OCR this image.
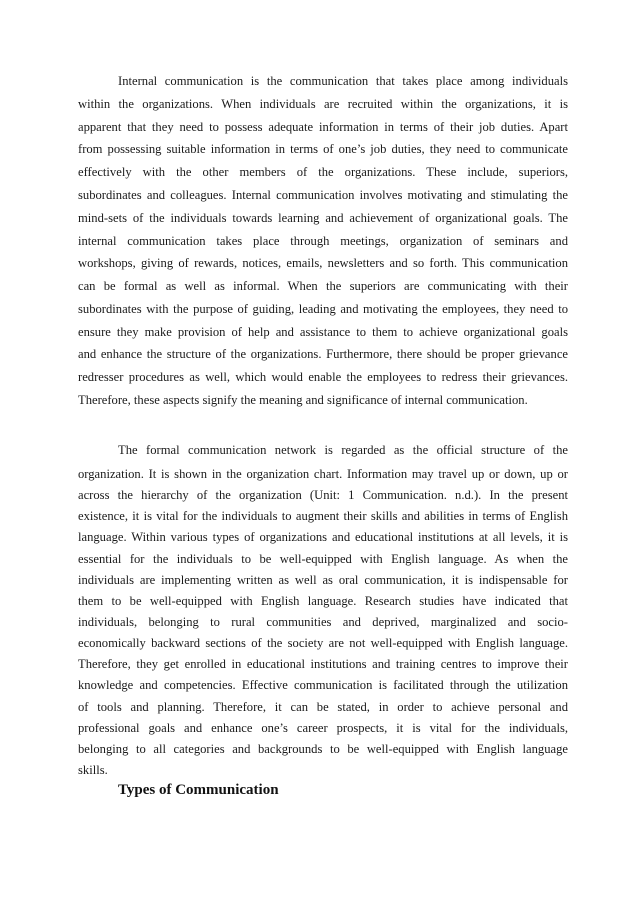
Internal communication is the communication that takes place among individuals
within the organizations. When individuals are recruited within the organizations, it is
apparent that they need to possess adequate information in terms of their job duties. Apart
from possessing suitable information in terms of one’s job duties, they need to communicate
effectively with the other members of the organizations. These include, superiors,
subordinates and colleagues. Internal communication involves motivating and stimulating the
mind-sets of the individuals towards learning and achievement of organizational goals. The
internal communication takes place through meetings, organization of seminars and
workshops, giving of rewards, notices, emails, newsletters and so forth. This communication
can be formal as well as informal. When the superiors are communicating with their
subordinates with the purpose of guiding, leading and motivating the employees, they need to
ensure they make provision of help and assistance to them to achieve organizational goals
and enhance the structure of the organizations. Furthermore, there should be proper grievance
redresser procedures as well, which would enable the employees to redress their grievances.
Therefore, these aspects signify the meaning and significance of internal communication.
The formal communication network is regarded as the official structure of the
organization. It is shown in the organization chart. Information may travel up or down, up or
across the hierarchy of the organization (Unit: 1 Communication. n.d.). In the present
existence, it is vital for the individuals to augment their skills and abilities in terms of English
language. Within various types of organizations and educational institutions at all levels, it is
essential for the individuals to be well-equipped with English language. As when the
individuals are implementing written as well as oral communication, it is indispensable for
them to be well-equipped with English language. Research studies have indicated that
individuals, belonging to rural communities and deprived, marginalized and socio-
economically backward sections of the society are not well-equipped with English language.
Therefore, they get enrolled in educational institutions and training centres to improve their
knowledge and competencies. Effective communication is facilitated through the utilization
of tools and planning. Therefore, it can be stated, in order to achieve personal and
professional goals and enhance one’s career prospects, it is vital for the individuals,
belonging to all categories and backgrounds to be well-equipped with English language
skills.
Types of Communication
